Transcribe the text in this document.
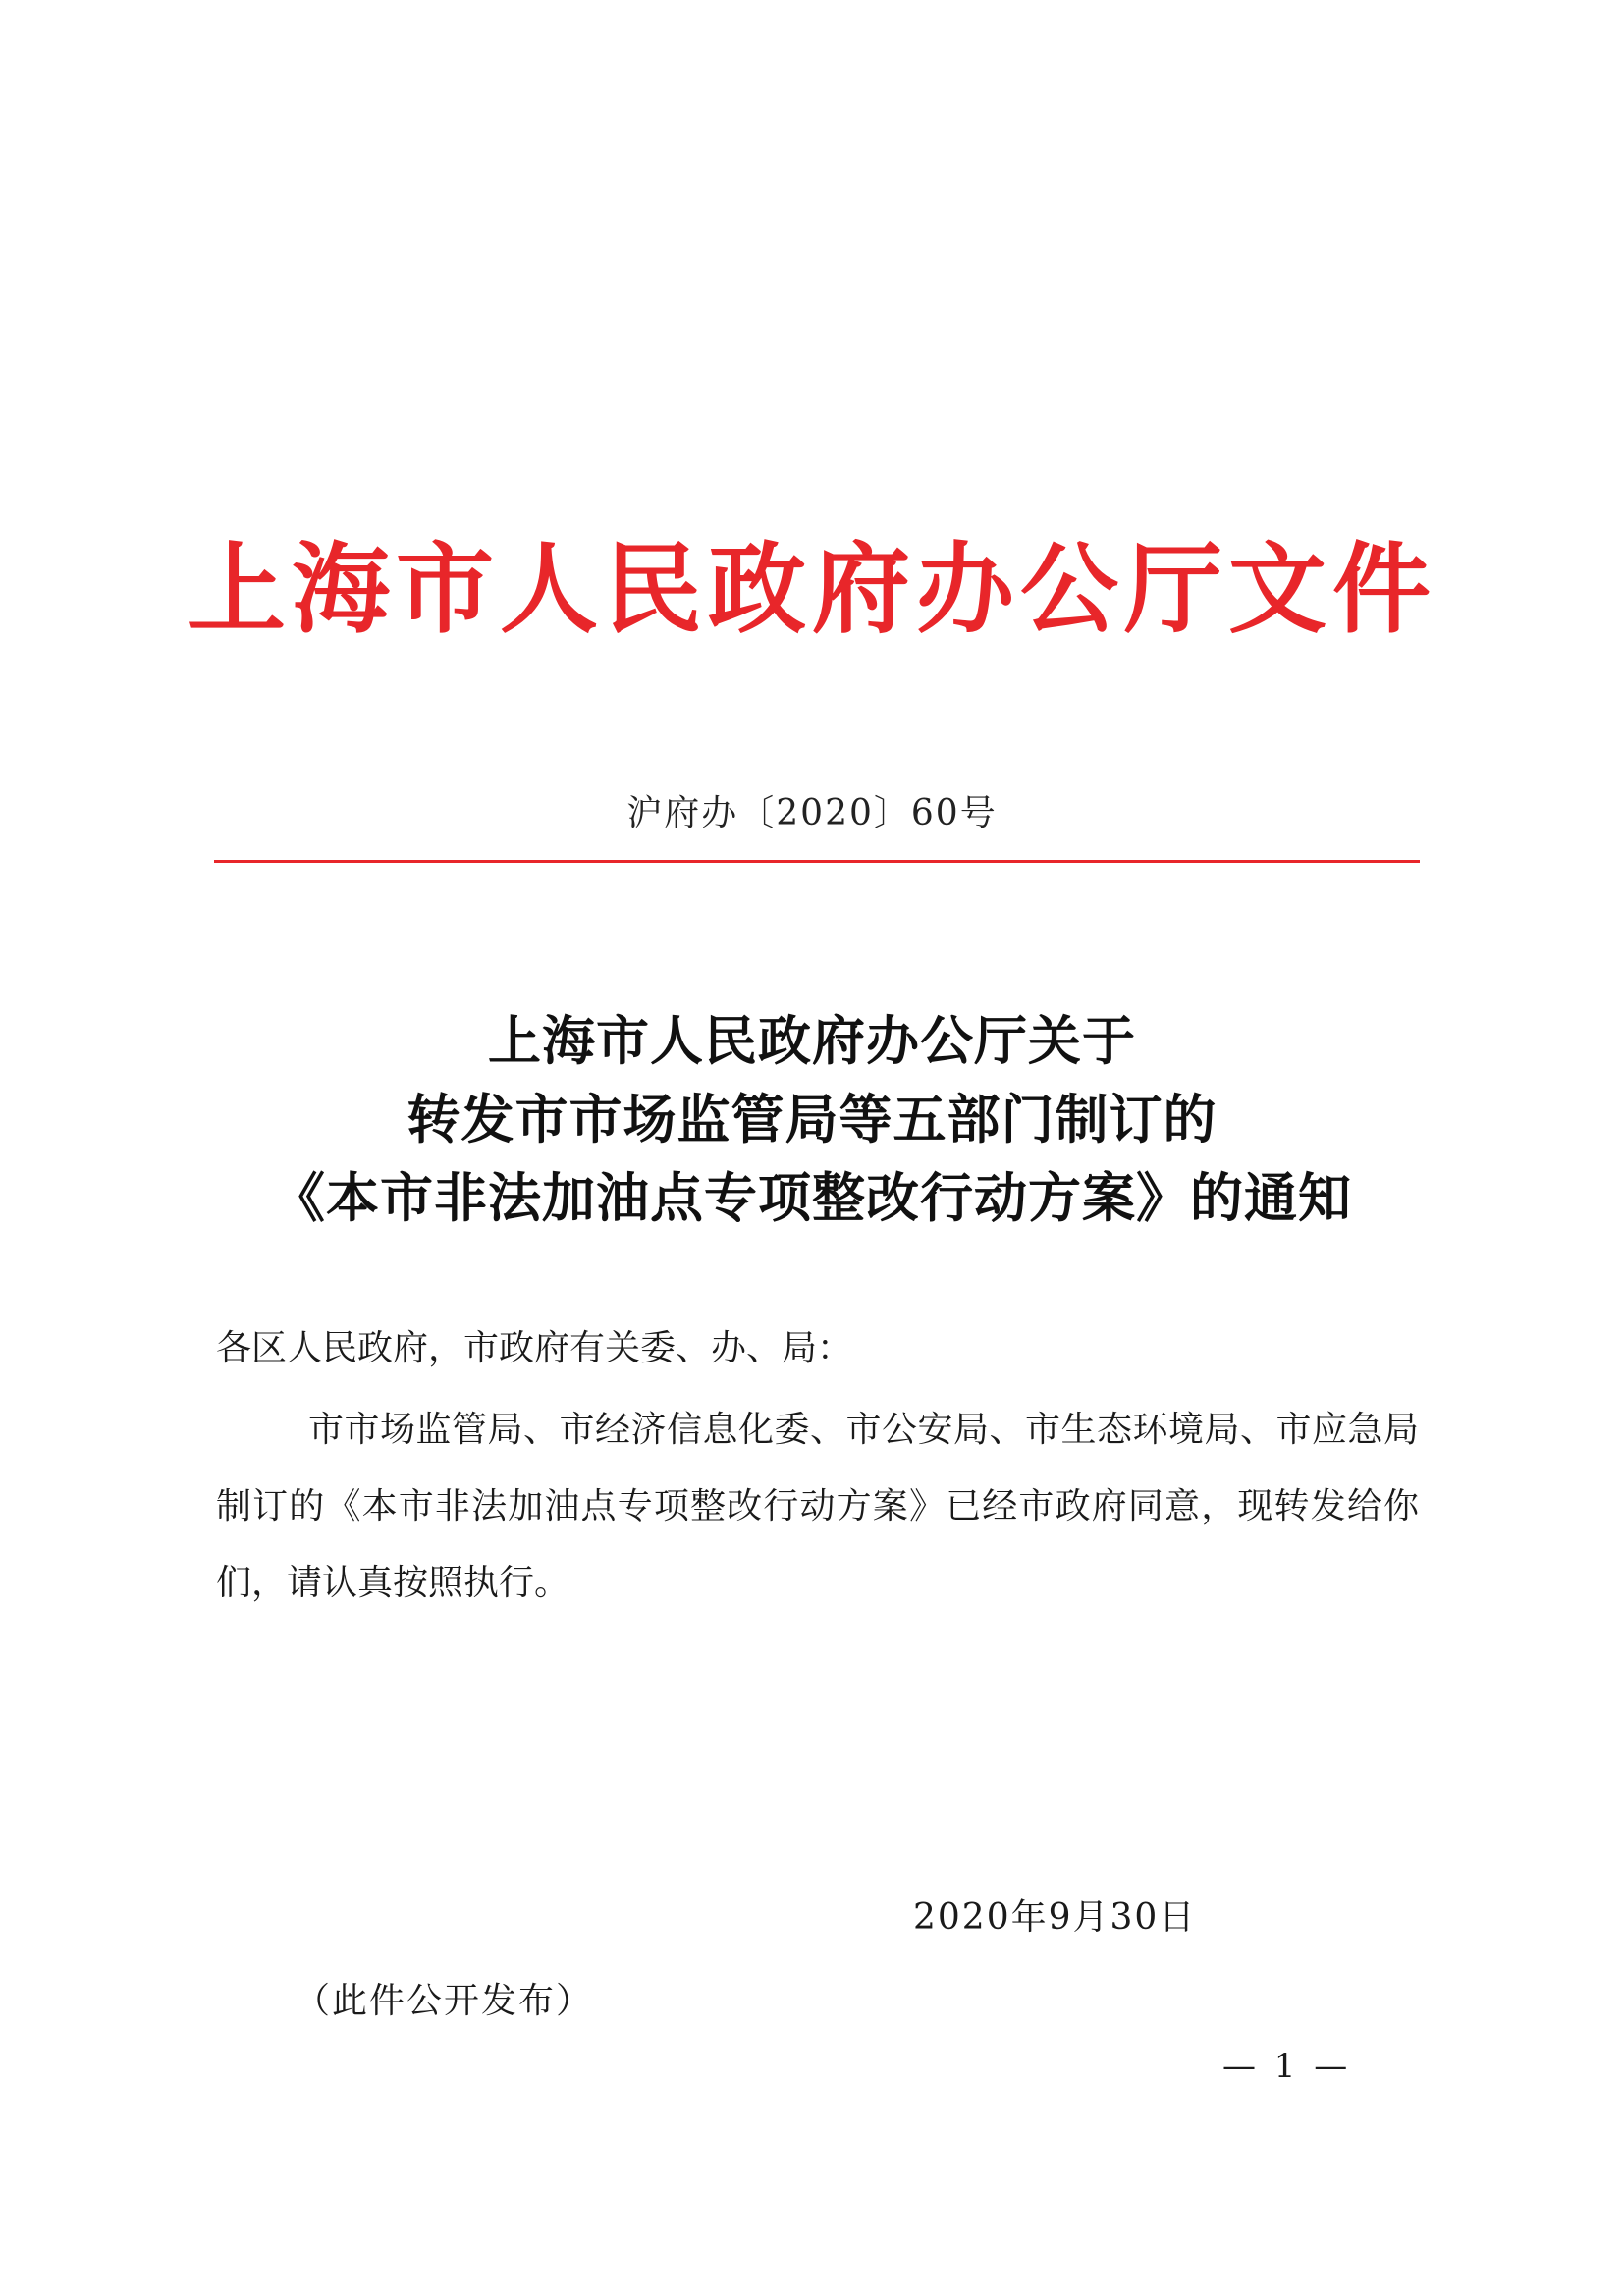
上海市人民政府办公厅文件
沪府办〔2020〕60号
上海市人民政府办公厅关于
转发市市场监管局等五部门制订的
《本市非法加油点专项整改行动方案》的通知
各区人民政府，市政府有关委、办、局：
市市场监管局、市经济信息化委、市公安局、市生态环境局、市应急局制订的《本市非法加油点专项整改行动方案》已经市政府同意，现转发给你们，请认真按照执行。
2020年9月30日
（此件公开发布）
— 1 —
